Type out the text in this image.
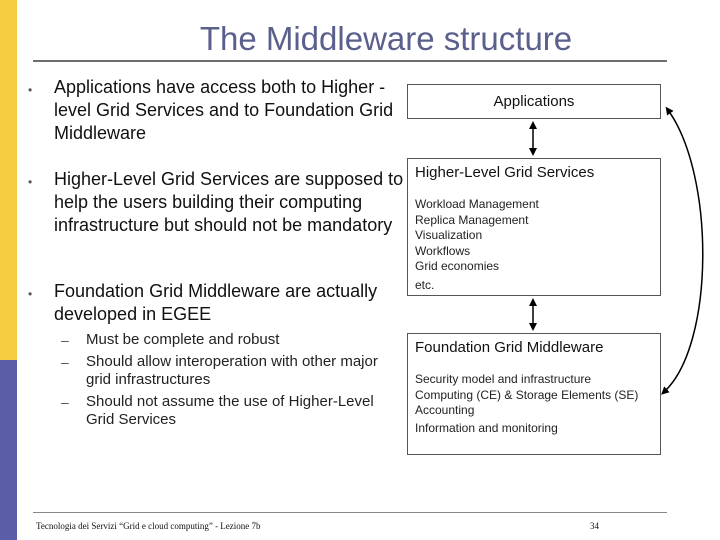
The Middleware structure
• Applications have access both to Higher -level Grid Services and to Foundation Grid Middleware
• Higher-Level Grid Services are supposed to help the users building their computing infrastructure but should not be mandatory
• Foundation Grid Middleware are actually developed in EGEE
– Must be complete and robust
– Should allow interoperation with other major grid infrastructures
– Should not assume the use of Higher-Level Grid Services
Applications
Higher-Level Grid Services
Workload Management
Replica Management
Visualization
Workflows
Grid economies
etc.
Foundation Grid Middleware
Security model and infrastructure
Computing (CE) & Storage Elements (SE)
Accounting
Information and monitoring
Tecnologia dei Servizi “Grid e cloud computing” - Lezione 7b	34
